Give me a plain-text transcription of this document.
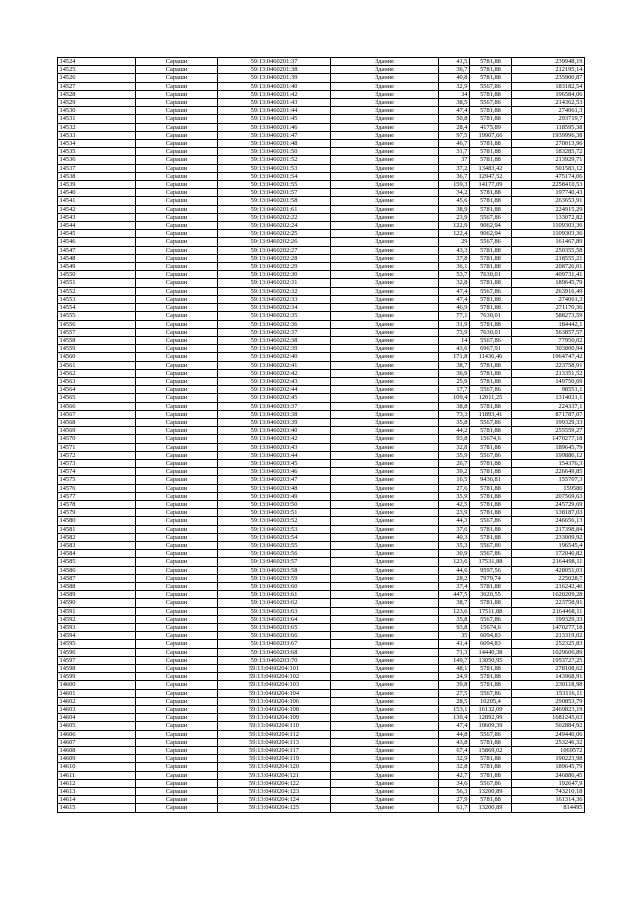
14524	Сараши	59:13:0460201:37	Здание	41,5	5781,88	239948,19
14525	Сараши	59:13:0460201:38	Здание	36,7	5781,88	212195,14
14526	Сараши	59:13:0460201:39	Здание	40,8	5781,88	235900,87
14527	Сараши	59:13:0460201:40	Здание	32,9	5567,86	183182,54
14528	Сараши	59:13:0460201:42	Здание	34	5781,88	196584,06
14529	Сараши	59:13:0460201:43	Здание	38,5	5567,86	214362,53
14530	Сараши	59:13:0460201:44	Здание	47,4	5781,88	274061,3
14531	Сараши	59:13:0460201:45	Здание	50,8	5781,88	293719,7
14532	Сараши	59:13:0460201:46	Здание	28,4	4175,89	118595,38
14533	Сараши	59:13:0460201:47	Здание	97,5	19907,66	1939996,38
14534	Сараши	59:13:0460201:48	Здание	46,7	5781,88	270013,96
14535	Сараши	59:13:0460201:50	Здание	31,7	5781,88	183285,72
14536	Сараши	59:13:0460201:52	Здание	37	5781,88	213929,71
14537	Сараши	59:13:0460201:53	Здание	37,2	13483,42	501583,12
14538	Сараши	59:13:0460201:54	Здание	36,7	12947,52	475174,06
14539	Сараши	59:13:0460201:55	Здание	159,3	14177,09	2258410,53
14540	Сараши	59:13:0460201:57	Здание	34,2	5781,88	197740,43
14541	Сараши	59:13:0460201:58	Здание	45,6	5781,88	263653,91
14542	Сараши	59:13:0460201:61	Здание	38,9	5781,88	224915,29
14543	Сараши	59:13:0460202:22	Здание	23,9	5567,86	133072,82
14544	Сараши	59:13:0460202:24	Здание	122,9	9062,94	1109303,36
14545	Сараши	59:13:0460202:25	Здание	122,4	9062,94	1109303,36
14546	Сараши	59:13:0460202:26	Здание	29	5567,86	161467,89
14547	Сараши	59:13:0460202:27	Здание	43,3	5781,88	250355,58
14548	Сараши	59:13:0460202:28	Здание	37,8	5781,88	218555,21
14549	Сараши	59:13:0460202:29	Здание	36,1	5781,88	208726,01
14550	Сараши	59:13:0460202:30	Здание	53,7	7630,01	409731,41
14551	Сараши	59:13:0460202:31	Здание	32,8	5781,88	189645,79
14552	Сараши	59:13:0460202:32	Здание	47,4	5567,86	263916,49
14553	Сараши	59:13:0460202:33	Здание	47,4	5781,88	274061,3
14554	Сараши	59:13:0460202:34	Здание	46,9	5781,88	271170,36
14555	Сараши	59:13:0460202:35	Здание	77,1	7630,01	588273,59
14556	Сараши	59:13:0460202:36	Здание	31,9	5781,88	184442,1
14557	Сараши	59:13:0460202:37	Здание	73,9	7630,01	563857,57
14558	Сараши	59:13:0460202:38	Здание	14	5567,86	77950,02
14559	Сараши	59:13:0460202:39	Здание	43,6	6967,91	303800,94
14560	Сараши	59:13:0460202:40	Здание	171,8	11436,46	1964747,42
14561	Сараши	59:13:0460202:41	Здание	38,7	5781,88	223758,91
14562	Сараши	59:13:0460202:42	Здание	36,9	5781,88	213351,52
14563	Сараши	59:13:0460202:43	Здание	25,9	5781,88	149750,69
14564	Сараши	59:13:0460202:44	Здание	17,7	5567,86	98551,1
14565	Сараши	59:13:0460202:45	Здание	109,4	12011,25	1314031,1
14566	Сараши	59:13:0460203:37	Здание	38,8	5781,88	224337,1
14567	Сараши	59:13:0460203:38	Здание	73,3	11893,41	871787,07
14568	Сараши	59:13:0460203:39	Здание	35,8	5567,86	199329,33
14569	Сараши	59:13:0460203:40	Здание	44,2	5781,88	255559,27
14570	Сараши	59:13:0460203:42	Здание	93,8	15674,6	1470277,18
14571	Сараши	59:13:0460203:43	Здание	32,8	5781,88	189645,79
14572	Сараши	59:13:0460203:44	Здание	35,9	5567,86	199886,12
14573	Сараши	59:13:0460203:45	Здание	26,7	5781,88	154376,3
14574	Сараши	59:13:0460203:46	Здание	39,2	5781,88	226649,85
14575	Сараши	59:13:0460203:47	Здание	16,5	9436,81	155707,3
14576	Сараши	59:13:0460203:48	Здание	27,6	5781,88	159580
14577	Сараши	59:13:0460203:49	Здание	35,9	5781,88	207569,63
14578	Сараши	59:13:0460203:50	Здание	42,5	5781,88	245729,69
14579	Сараши	59:13:0460203:51	Здание	23,9	5781,88	138187,03
14580	Сараши	59:13:0460203:52	Здание	44,3	5567,86	246656,13
14581	Сараши	59:13:0460203:53	Здание	37,6	5781,88	217398,84
14582	Сараши	59:13:0460203:54	Здание	40,3	5781,88	233009,92
14583	Сараши	59:13:0460203:55	Здание	35,3	5567,86	196545,4
14584	Сараши	59:13:0460203:56	Здание	30,9	5567,86	172046,82
14585	Сараши	59:13:0460203:57	Здание	123,6	17531,88	2164498,11
14586	Сараши	59:13:0460203:58	Здание	44,6	9597,56	428051,03
14587	Сараши	59:13:0460203:59	Здание	28,2	7979,74	225028,7
14588	Сараши	59:13:0460203:60	Здание	37,4	5781,88	216242,46
14589	Сараши	59:13:0460203:61	Здание	447,5	3620,55	1620209,28
14590	Сараши	59:13:0460203:62	Здание	38,7	5781,88	223758,91
14591	Сараши	59:13:0460203:63	Здание	123,6	17511,88	2164468,11
14592	Сараши	59:13:0460203:64	Здание	35,8	5567,86	199329,33
14593	Сараши	59:13:0460203:65	Здание	93,8	15674,6	1470277,18
14594	Сараши	59:13:0460203:66	Здание	35	6094,83	213319,02
14595	Сараши	59:13:0460203:67	Здание	41,4	6094,83	252325,83
14596	Сараши	59:13:0460203:68	Здание	71,3	14440,38	1029606,89
14597	Сараши	59:13:0460203:70	Здание	149,7	13050,95	1953727,25
14598	Сараши	59:13:0460204:101	Здание	48,1	5781,88	278108,62
14599	Сараши	59:13:0460204:102	Здание	24,9	5781,88	143968,91
14600	Сараши	59:13:0460204:103	Здание	39,8	5781,88	230118,98
14601	Сараши	59:13:0460204:104	Здание	27,5	5567,86	153116,11
14602	Сараши	59:13:0460204:106	Здание	28,5	10205,4	290853,79
14603	Сараши	59:13:0460204:108	Здание	153,1	16132,09	2469823,19
14604	Сараши	59:13:0460204:109	Здание	130,4	12892,99	1681245,63
14605	Сараши	59:13:0460204:110	Здание	47,4	10609,39	502884,92
14606	Сараши	59:13:0460204:112	Здание	44,8	5567,86	249440,06
14607	Сараши	59:13:0460204:113	Здание	43,8	5781,88	253246,32
14608	Сараши	59:13:0460204:117	Здание	67,4	15869,02	1069572
14609	Сараши	59:13:0460204:119	Здание	32,9	5781,88	190223,98
14610	Сараши	59:13:0460204:120	Здание	32,8	5781,88	189645,79
14611	Сараши	59:13:0460204:121	Здание	42,7	5781,88	246886,45
14612	Сараши	59:13:0460204:122	Здание	34,6	5567,86	192647,9
14613	Сараши	59:13:0460204:123	Здание	56,3	13200,89	743210,18
14614	Сараши	59:13:0460204:124	Здание	27,9	5781,88	161314,36
14615	Сараши	59:13:0460204:125	Здание	61,7	13200,89	814495
